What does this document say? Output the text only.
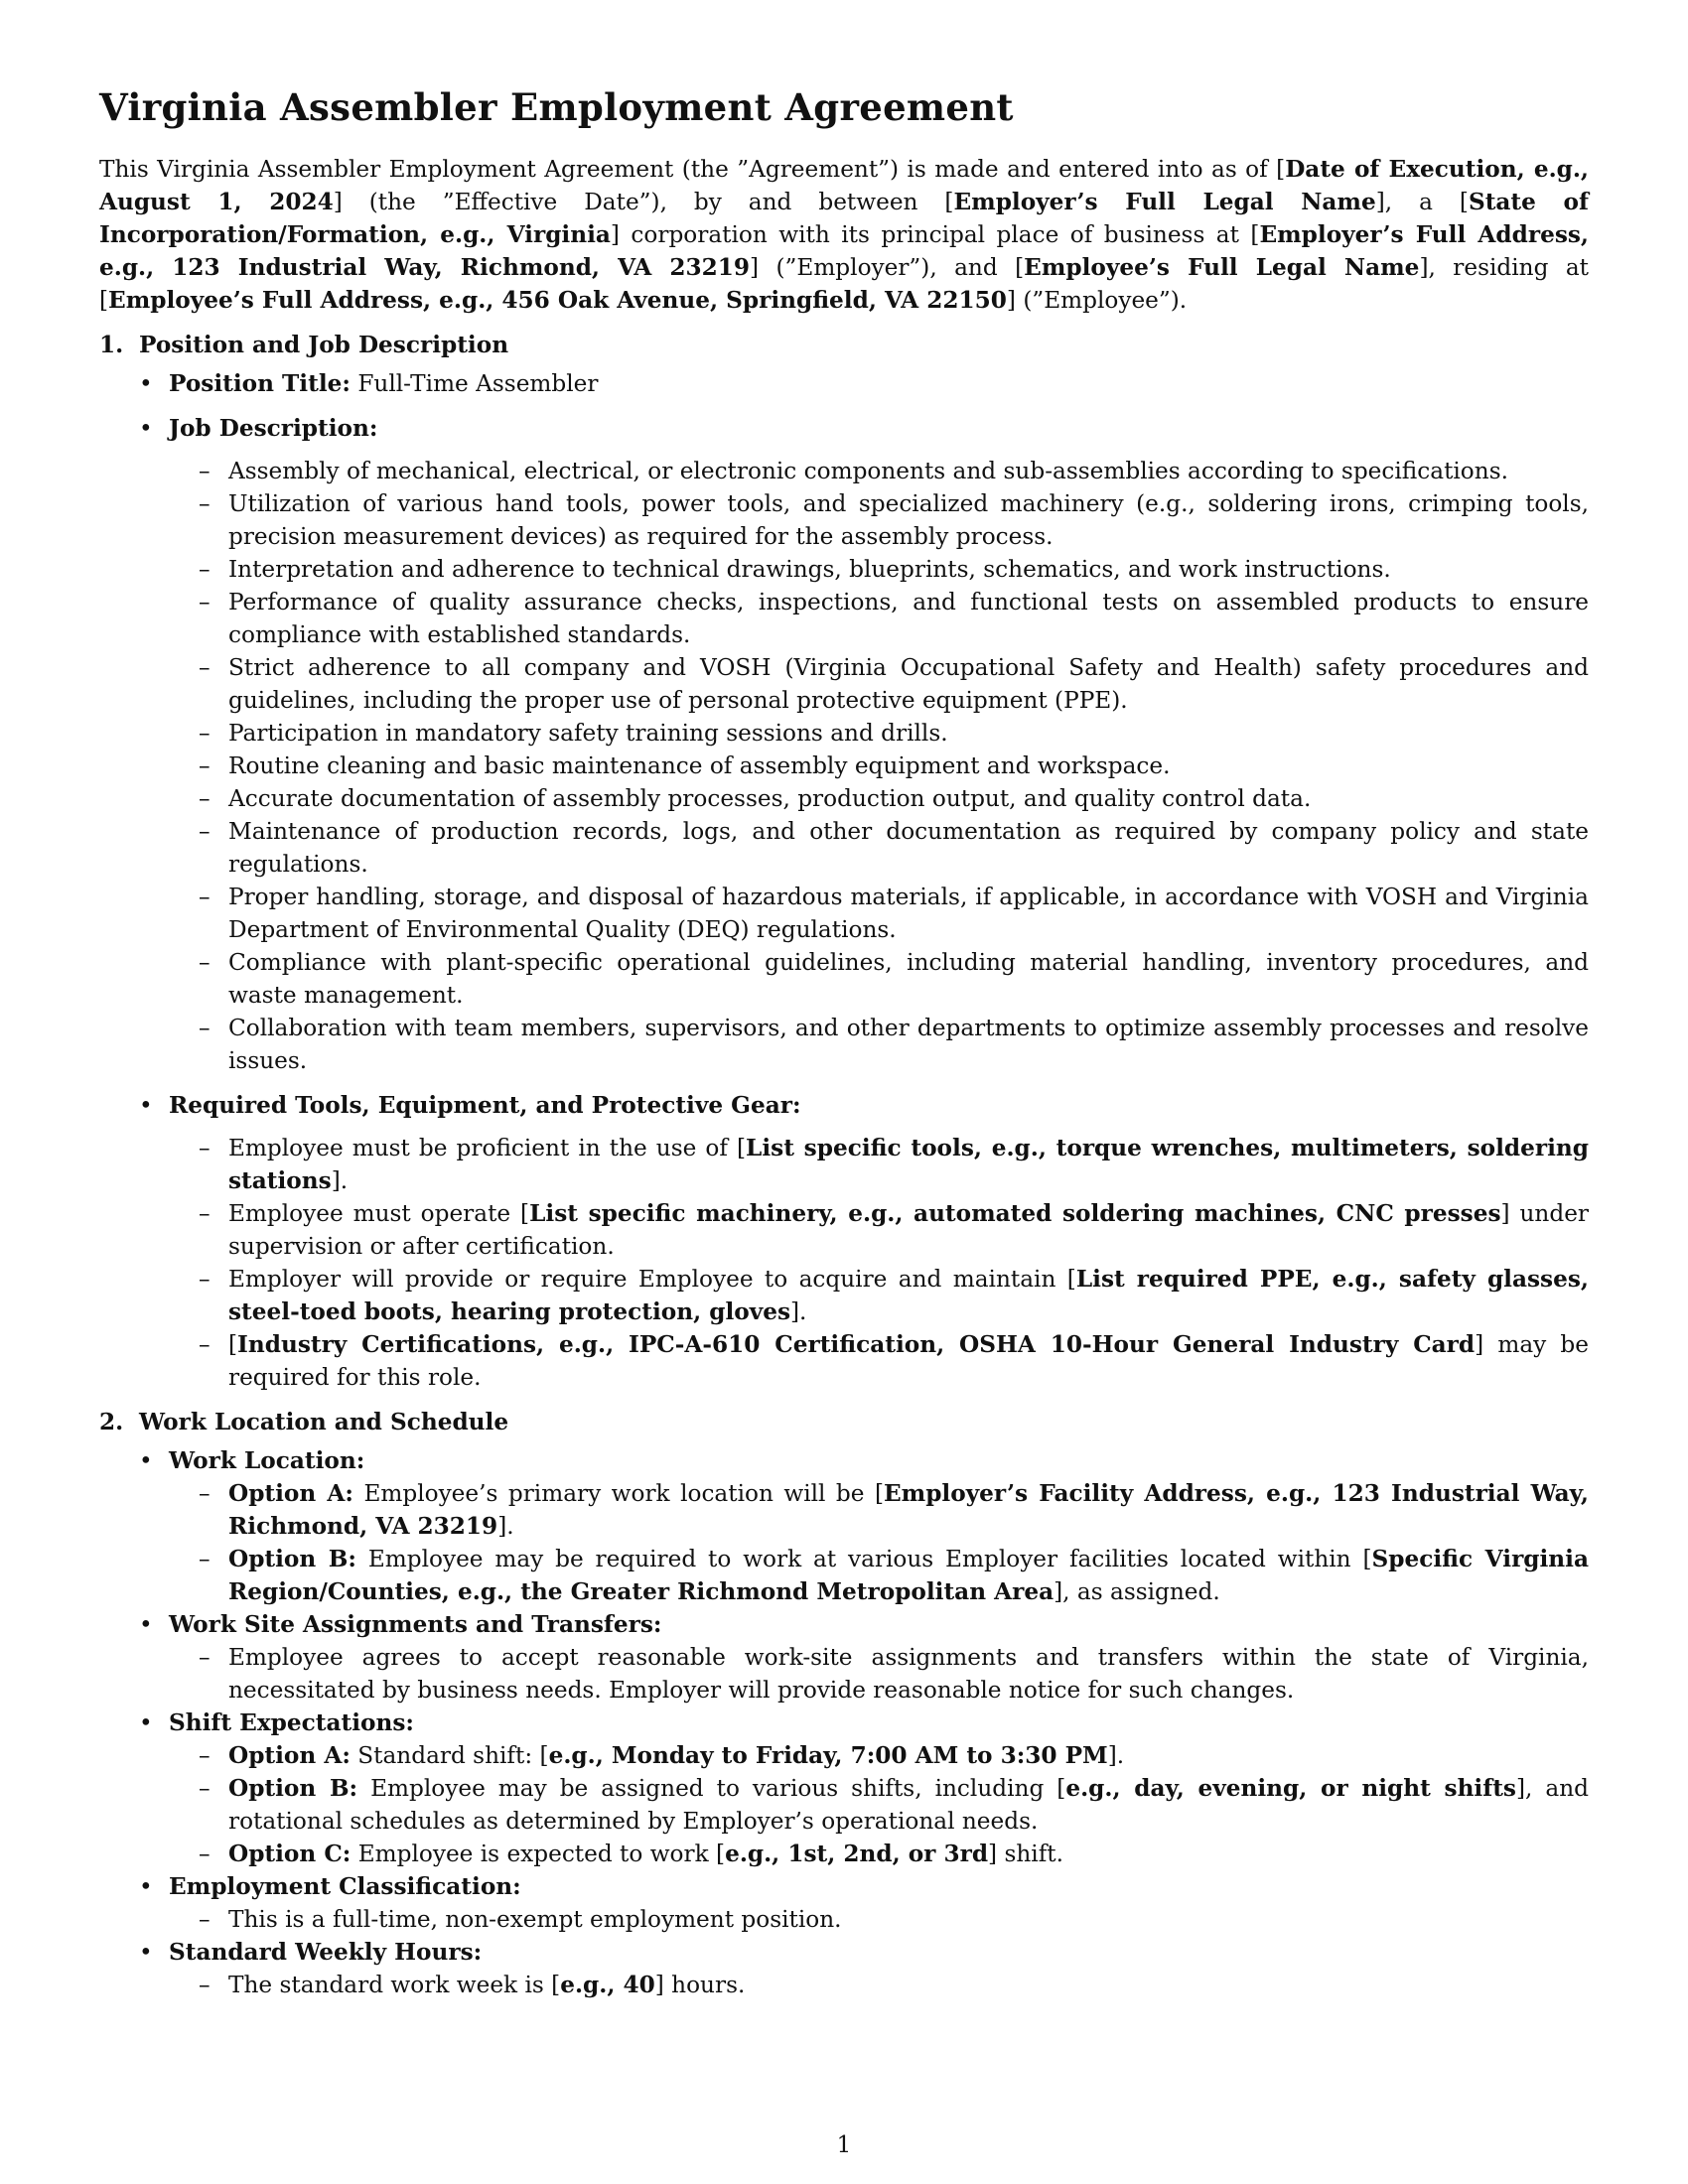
Virginia Assembler Employment Agreement

This Virginia Assembler Employment Agreement (the ”Agreement”) is made and entered into as of [Date of Execution, e.g., August 1, 2024] (the ”Effective Date”), by and between [Employer’s Full Legal Name], a [State of Incorporation/Formation, e.g., Virginia] corporation with its principal place of business at [Employer’s Full Address, e.g., 123 Industrial Way, Richmond, VA 23219] (”Employer”), and [Employee’s Full Legal Name], residing at [Employee’s Full Address, e.g., 456 Oak Avenue, Springfield, VA 22150] (”Employee”).

1. Position and Job Description
• Position Title: Full-Time Assembler
• Job Description:
– Assembly of mechanical, electrical, or electronic components and sub-assemblies according to specifications.
– Utilization of various hand tools, power tools, and specialized machinery (e.g., soldering irons, crimping tools, precision measurement devices) as required for the assembly process.
– Interpretation and adherence to technical drawings, blueprints, schematics, and work instructions.
– Performance of quality assurance checks, inspections, and functional tests on assembled products to ensure compliance with established standards.
– Strict adherence to all company and VOSH (Virginia Occupational Safety and Health) safety procedures and guidelines, including the proper use of personal protective equipment (PPE).
– Participation in mandatory safety training sessions and drills.
– Routine cleaning and basic maintenance of assembly equipment and workspace.
– Accurate documentation of assembly processes, production output, and quality control data.
– Maintenance of production records, logs, and other documentation as required by company policy and state regulations.
– Proper handling, storage, and disposal of hazardous materials, if applicable, in accordance with VOSH and Virginia Department of Environmental Quality (DEQ) regulations.
– Compliance with plant-specific operational guidelines, including material handling, inventory procedures, and waste management.
– Collaboration with team members, supervisors, and other departments to optimize assembly processes and resolve issues.
• Required Tools, Equipment, and Protective Gear:
– Employee must be proficient in the use of [List specific tools, e.g., torque wrenches, multimeters, soldering stations].
– Employee must operate [List specific machinery, e.g., automated soldering machines, CNC presses] under supervision or after certification.
– Employer will provide or require Employee to acquire and maintain [List required PPE, e.g., safety glasses, steel-toed boots, hearing protection, gloves].
– [Industry Certifications, e.g., IPC-A-610 Certification, OSHA 10-Hour General Industry Card] may be required for this role.
2. Work Location and Schedule
• Work Location:
– Option A: Employee’s primary work location will be [Employer’s Facility Address, e.g., 123 Industrial Way, Richmond, VA 23219].
– Option B: Employee may be required to work at various Employer facilities located within [Specific Virginia Region/Counties, e.g., the Greater Richmond Metropolitan Area], as assigned.
• Work Site Assignments and Transfers:
– Employee agrees to accept reasonable work-site assignments and transfers within the state of Virginia, necessitated by business needs. Employer will provide reasonable notice for such changes.
• Shift Expectations:
– Option A: Standard shift: [e.g., Monday to Friday, 7:00 AM to 3:30 PM].
– Option B: Employee may be assigned to various shifts, including [e.g., day, evening, or night shifts], and rotational schedules as determined by Employer’s operational needs.
– Option C: Employee is expected to work [e.g., 1st, 2nd, or 3rd] shift.
• Employment Classification:
– This is a full-time, non-exempt employment position.
• Standard Weekly Hours:
– The standard work week is [e.g., 40] hours.
1
